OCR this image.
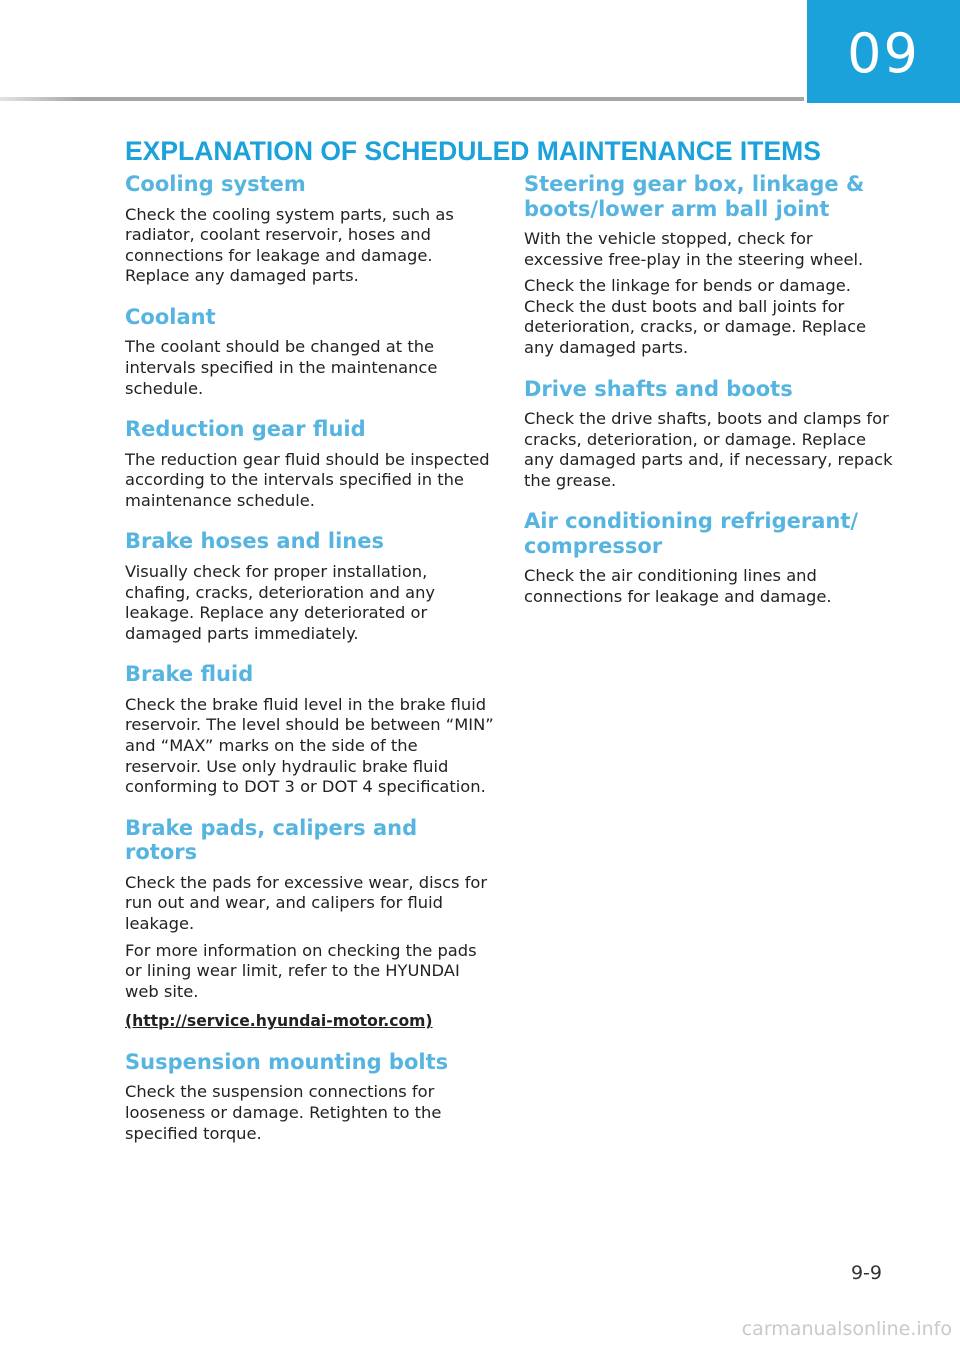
09
EXPLANATION OF SCHEDULED MAINTENANCE ITEMS
Cooling system

Check the cooling system parts, such as radiator, coolant reservoir, hoses and connections for leakage and damage. Replace any damaged parts.

Coolant

The coolant should be changed at the intervals specified in the maintenance schedule.

Reduction gear fluid

The reduction gear fluid should be inspected according to the intervals specified in the maintenance schedule.

Brake hoses and lines

Visually check for proper installation, chafing, cracks, deterioration and any leakage. Replace any deteriorated or damaged parts immediately.

Brake fluid

Check the brake fluid level in the brake fluid reservoir. The level should be between “MIN” and “MAX” marks on the side of the reservoir. Use only hydraulic brake fluid conforming to DOT 3 or DOT 4 specification.

Brake pads, calipers and rotors

Check the pads for excessive wear, discs for run out and wear, and calipers for fluid leakage.

For more information on checking the pads or lining wear limit, refer to the HYUNDAI web site.

(http://service.hyundai-motor.com)

Suspension mounting bolts

Check the suspension connections for looseness or damage. Retighten to the specified torque.

Steering gear box, linkage & boots/lower arm ball joint

With the vehicle stopped, check for excessive free-play in the steering wheel.

Check the linkage for bends or damage. Check the dust boots and ball joints for deterioration, cracks, or damage. Replace any damaged parts.

Drive shafts and boots

Check the drive shafts, boots and clamps for cracks, deterioration, or damage. Replace any damaged parts and, if necessary, repack the grease.

Air conditioning refrigerant/ compressor

Check the air conditioning lines and connections for leakage and damage.

9-9
carmanualsonline.info
